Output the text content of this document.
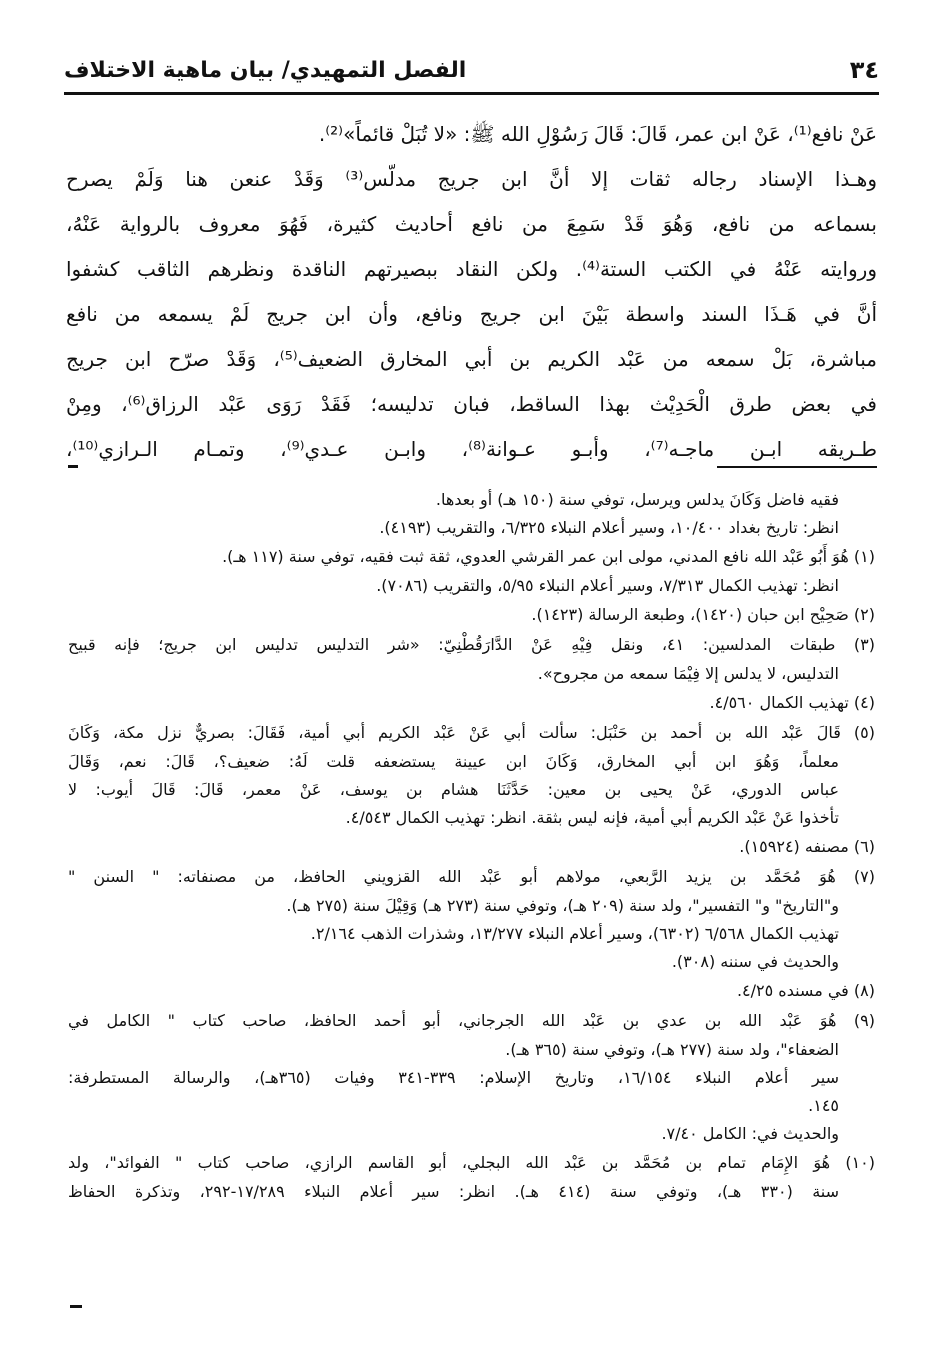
٣٤
الفصل التمهيدي/ بيان ماهية الاختلاف
عَنْ نافع⁽¹⁾، عَنْ ابن عمر، قَالَ: قَالَ رَسُوْلِ الله ﷺ: «لا تُبَلْ قائماً»⁽²⁾.
وهـذا الإسناد رجاله ثقات إلا أنَّ ابن جريج مدلّس⁽³⁾ وَقَدْ عنعن هنا وَلَمْ يصرح
بسماعه من نافع، وَهُوَ قَدْ سَمِعَ من نافع أحاديث كثيرة، فَهُوَ معروف بالرواية عَنْهُ،
وروايته عَنْهُ في الكتب الستة⁽⁴⁾. ولكن النقاد ببصيرتهم الناقدة ونظرهم الثاقب كشفوا
أنَّ في هَـذَا السند واسطة بَيْنَ ابن جريج ونافع، وأن ابن جريج لَمْ يسمعه من نافع
مباشرة، بَلْ سمعه من عَبْد الكريم بن أبي المخارق الضعيف⁽⁵⁾، وَقَدْ صرّح ابن جريج
في بعض طرق الْحَدِيْث بهذا الساقط، فبان تدليسه؛ فَقَدْ رَوَى عَبْد الرزاق⁽⁶⁾، ومِنْ
طـريقه ابـن ماجـه⁽⁷⁾، وأبـو عـوانة⁽⁸⁾، وابـن عـدي⁽⁹⁾، وتمـام الـرازي⁽¹⁰⁾،
فقيه فاضل وَكَانَ يدلس ويرسل، توفي سنة (١٥٠ هـ) أو بعدها.
انظر: تاريخ بغداد ١٠/٤٠٠، وسير أعلام النبلاء ٦/٣٢٥، والتقريب (٤١٩٣).
(١) هُوَ أَبُو عَبْد الله نافع المدني، مولى ابن عمر القرشي العدوي، ثقة ثبت فقيه، توفي سنة (١١٧ هـ).
انظر: تهذيب الكمال ٧/٣١٣، وسير أعلام النبلاء ٥/٩٥، والتقريب (٧٠٨٦).
(٢) صَحِيْح ابن حبان (١٤٢٠)، وطبعة الرسالة (١٤٢٣).
(٣) طبقات المدلسين: ٤١، ونقل فِيْهِ عَنْ الدَّارَقُطْنِيّ: «شر التدليس تدليس ابن جريج؛ فإنه قبيح
التدليس، لا يدلس إلا فِيْمَا سمعه من مجروح».
(٤) تهذيب الكمال ٤/٥٦٠.
(٥) قَالَ عَبْد الله بن أحمد بن حَنْبَل: سألت أبي عَنْ عَبْد الكريم أبي أمية، فَقَالَ: بصريٌّ نزل مكة، وَكَانَ
معلماً، وَهُوَ ابن أبي المخارق، وَكَانَ ابن عيينة يستضعفه قلت لَهُ: ضعيف؟، قَالَ: نعم، وَقَالَ
عباس الدوري، عَنْ يحيى بن معين: حَدَّثَنَا هشام بن يوسف، عَنْ معمر، قَالَ: قَالَ أيوب: لا
تأخذوا عَنْ عَبْد الكريم أبي أمية، فإنه ليس بثقة. انظر: تهذيب الكمال ٤/٥٤٣.
(٦) مصنفه (١٥٩٢٤).
(٧) هُوَ مُحَمَّد بن يزيد الرَّبعي، مولاهم أبو عَبْد الله القزويني الحافظ، من مصنفاته: " السنن "
و"التاريخ" و" التفسير"، ولد سنة (٢٠٩ هـ)، وتوفي سنة (٢٧٣ هـ) وَقِيْلَ سنة (٢٧٥ هـ).
تهذيب الكمال ٦/٥٦٨ (٦٣٠٢)، وسير أعلام النبلاء ١٣/٢٧٧، وشذرات الذهب ٢/١٦٤.
والحديث في سننه (٣٠٨).
(٨) في مسنده ٤/٢٥.
(٩) هُوَ عَبْد الله بن عدي بن عَبْد الله الجرجاني، أبو أحمد الحافظ، صاحب كتاب " الكامل في
الضعفاء"، ولد سنة (٢٧٧ هـ)، وتوفي سنة (٣٦٥ هـ).
سير أعلام النبلاء ١٦/١٥٤، وتاريخ الإسلام: ٣٣٩-٣٤١ وفيات (٣٦٥هـ)، والرسالة المستطرفة:
١٤٥.
والحديث في: الكامل ٧/٤٠.
(١٠) هُوَ الإِمَام تمام بن مُحَمَّد بن عَبْد الله البجلي، أبو القاسم الرازي، صاحب كتاب " الفوائد"، ولد
سنة (٣٣٠ هـ)، وتوفي سنة (٤١٤ هـ). انظر: سير أعلام النبلاء ١٧/٢٨٩-٢٩٢، وتذكرة الحفاظ
